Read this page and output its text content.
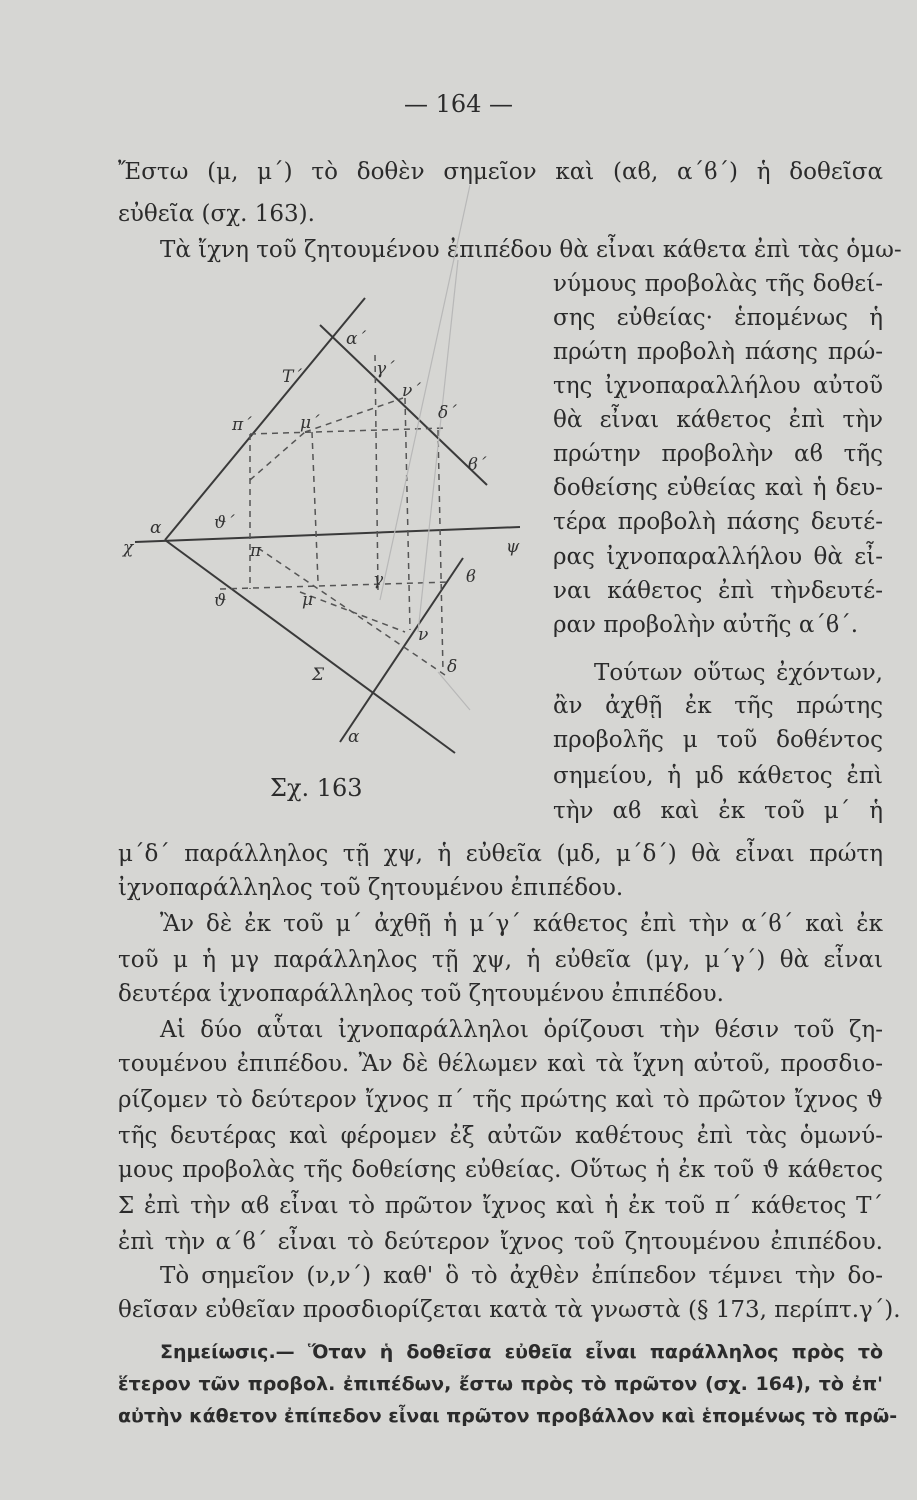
— 164 —
Ἔστω (μ, μ΄) τὸ δοθὲν σημεῖον καὶ (αϐ, α΄ϐ΄) ἡ δοθεῖσα
εὐθεῖα (σχ. 163).
Τὰ ἴχνη τοῦ ζητουμένου ἐπιπέδου θὰ εἶναι κάθετα ἐπὶ τὰς ὁμω-
νύμους προβολὰς τῆς δοθεί-
σης εὐθείας· ἑπομένως ἡ
πρώτη προβολὴ πάσης πρώ-
της ἰχνοπαραλλήλου αὐτοῦ
θὰ εἶναι κάθετος ἐπὶ τὴν
πρώτην προβολὴν αϐ τῆς
δοθείσης εὐθείας καὶ ἡ δευ-
τέρα προβολὴ πάσης δευτέ-
ρας ἰχνοπαραλλήλου θὰ εἶ-
ναι κάθετος ἐπὶ τὴνδευτέ-
ραν προβολὴν αὐτῆς α΄ϐ΄.
Τούτων οὕτως ἐχόντων,
ἂν ἀχθῇ ἐκ τῆς πρώτης
προβολῆς μ τοῦ δοθέντος
σημείου, ἡ μδ κάθετος ἐπὶ
τὴν αϐ καὶ ἐκ τοῦ μ΄ ἡ
μ΄δ΄ παράλληλος τῇ χψ, ἡ εὐθεῖα (μδ, μ΄δ΄) θὰ εἶναι πρώτη
ἰχνοπαράλληλος τοῦ ζητουμένου ἐπιπέδου.
Ἂν δὲ ἐκ τοῦ μ΄ ἀχθῇ ἡ μ΄γ΄ κάθετος ἐπὶ τὴν α΄ϐ΄ καὶ ἐκ
τοῦ μ ἡ μγ παράλληλος τῇ χψ, ἡ εὐθεῖα (μγ, μ΄γ΄) θὰ εἶναι
δευτέρα ἰχνοπαράλληλος τοῦ ζητουμένου ἐπιπέδου.
Αἱ δύο αὗται ἰχνοπαράλληλοι ὁρίζουσι τὴν θέσιν τοῦ ζη-
τουμένου ἐπιπέδου. Ἂν δὲ θέλωμεν καὶ τὰ ἴχνη αὐτοῦ, προσδιο-
ρίζομεν τὸ δεύτερον ἴχνος π΄ τῆς πρώτης καὶ τὸ πρῶτον ἴχνος ϑ
τῆς δευτέρας καὶ φέρομεν ἐξ αὐτῶν καθέτους ἐπὶ τὰς ὁμωνύ-
μους προβολὰς τῆς δοθείσης εὐθείας. Οὕτως ἡ ἐκ τοῦ ϑ κάθετος
Σ ἐπὶ τὴν αϐ εἶναι τὸ πρῶτον ἴχνος καὶ ἡ ἐκ τοῦ π΄ κάθετος Τ΄
ἐπὶ τὴν α΄ϐ΄ εἶναι τὸ δεύτερον ἴχνος τοῦ ζητουμένου ἐπιπέδου.
Τὸ σημεῖον (ν,ν΄) καθ' ὃ τὸ ἀχθὲν ἐπίπεδον τέμνει τὴν δο-
θεῖσαν εὐθεῖαν προσδιορίζεται κατὰ τὰ γνωστὰ (§ 173, περίπτ.γ΄).
Σημείωσις.— Ὅταν ἡ δοθεῖσα εὐθεῖα εἶναι παράλληλος πρὸς τὸ
ἕτερον τῶν προβολ. ἐπιπέδων, ἔστω πρὸς τὸ πρῶτον (σχ. 164), τὸ ἐπ'
αὐτὴν κάθετον ἐπίπεδον εἶναι πρῶτον προβάλλον καὶ ἑπομένως τὸ πρῶ-
Σχ. 163
α΄
Τ΄	γ΄
ν΄
π΄	μ΄	δ΄
ϐ΄
α	ϑ΄
π
χ	ψ
ϑ	μ
γ	ϐ
ν
Σ	δ
α
